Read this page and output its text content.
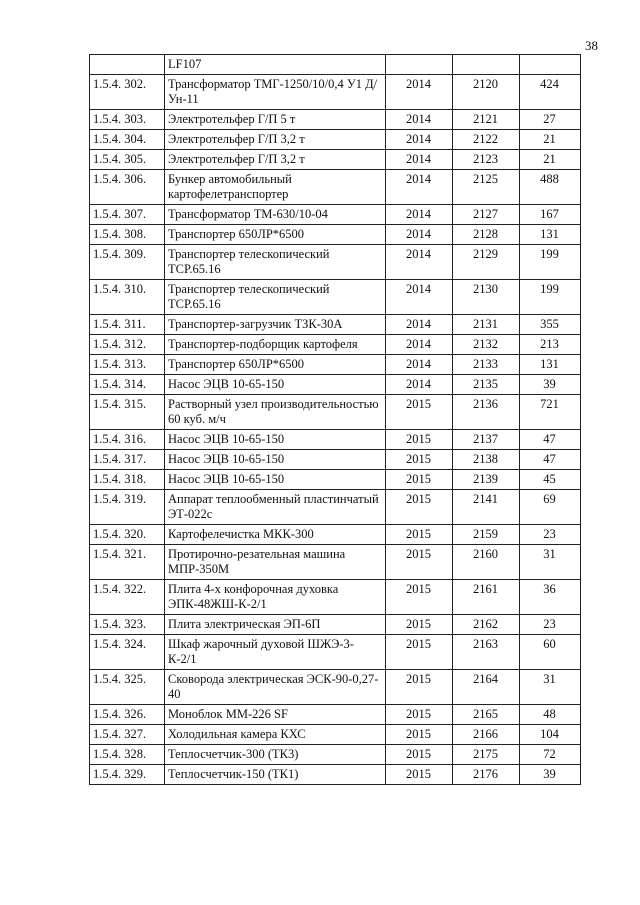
38
	LF107			
1.5.4. 302.	Трансформатор ТМГ-1250/10/0,4 У1 Д/Ун-11	2014	2120	424
1.5.4. 303.	Электротельфер Г/П 5 т	2014	2121	27
1.5.4. 304.	Электротельфер Г/П 3,2 т	2014	2122	21
1.5.4. 305.	Электротельфер Г/П 3,2 т	2014	2123	21
1.5.4. 306.	Бункер автомобильный картофелетранспортер	2014	2125	488
1.5.4. 307.	Трансформатор ТМ-630/10-04	2014	2127	167
1.5.4. 308.	Транспортер 650ЛР*6500	2014	2128	131
1.5.4. 309.	Транспортер телескопический ТСР.65.16	2014	2129	199
1.5.4. 310.	Транспортер телескопический ТСР.65.16	2014	2130	199
1.5.4. 311.	Транспортер-загрузчик ТЗК-30А	2014	2131	355
1.5.4. 312.	Транспортер-подборщик картофеля	2014	2132	213
1.5.4. 313.	Транспортер 650ЛР*6500	2014	2133	131
1.5.4. 314.	Насос ЭЦВ 10-65-150	2014	2135	39
1.5.4. 315.	Растворный узел производительностью 60 куб. м/ч	2015	2136	721
1.5.4. 316.	Насос ЭЦВ 10-65-150	2015	2137	47
1.5.4. 317.	Насос ЭЦВ 10-65-150	2015	2138	47
1.5.4. 318.	Насос ЭЦВ 10-65-150	2015	2139	45
1.5.4. 319.	Аппарат теплообменный пластинчатый ЭТ-022с	2015	2141	69
1.5.4. 320.	Картофелечистка МКК-300	2015	2159	23
1.5.4. 321.	Протирочно-резательная машина МПР-350М	2015	2160	31
1.5.4. 322.	Плита 4-х конфорочная духовка ЭПК-48ЖШ-К-2/1	2015	2161	36
1.5.4. 323.	Плита электрическая ЭП-6П	2015	2162	23
1.5.4. 324.	Шкаф жарочный духовой ШЖЭ-3-К-2/1	2015	2163	60
1.5.4. 325.	Сковорода электрическая ЭСК-90-0,27-40	2015	2164	31
1.5.4. 326.	Моноблок ММ-226 SF	2015	2165	48
1.5.4. 327.	Холодильная камера КХС	2015	2166	104
1.5.4. 328.	Теплосчетчик-300 (ТК3)	2015	2175	72
1.5.4. 329.	Теплосчетчик-150 (ТК1)	2015	2176	39
